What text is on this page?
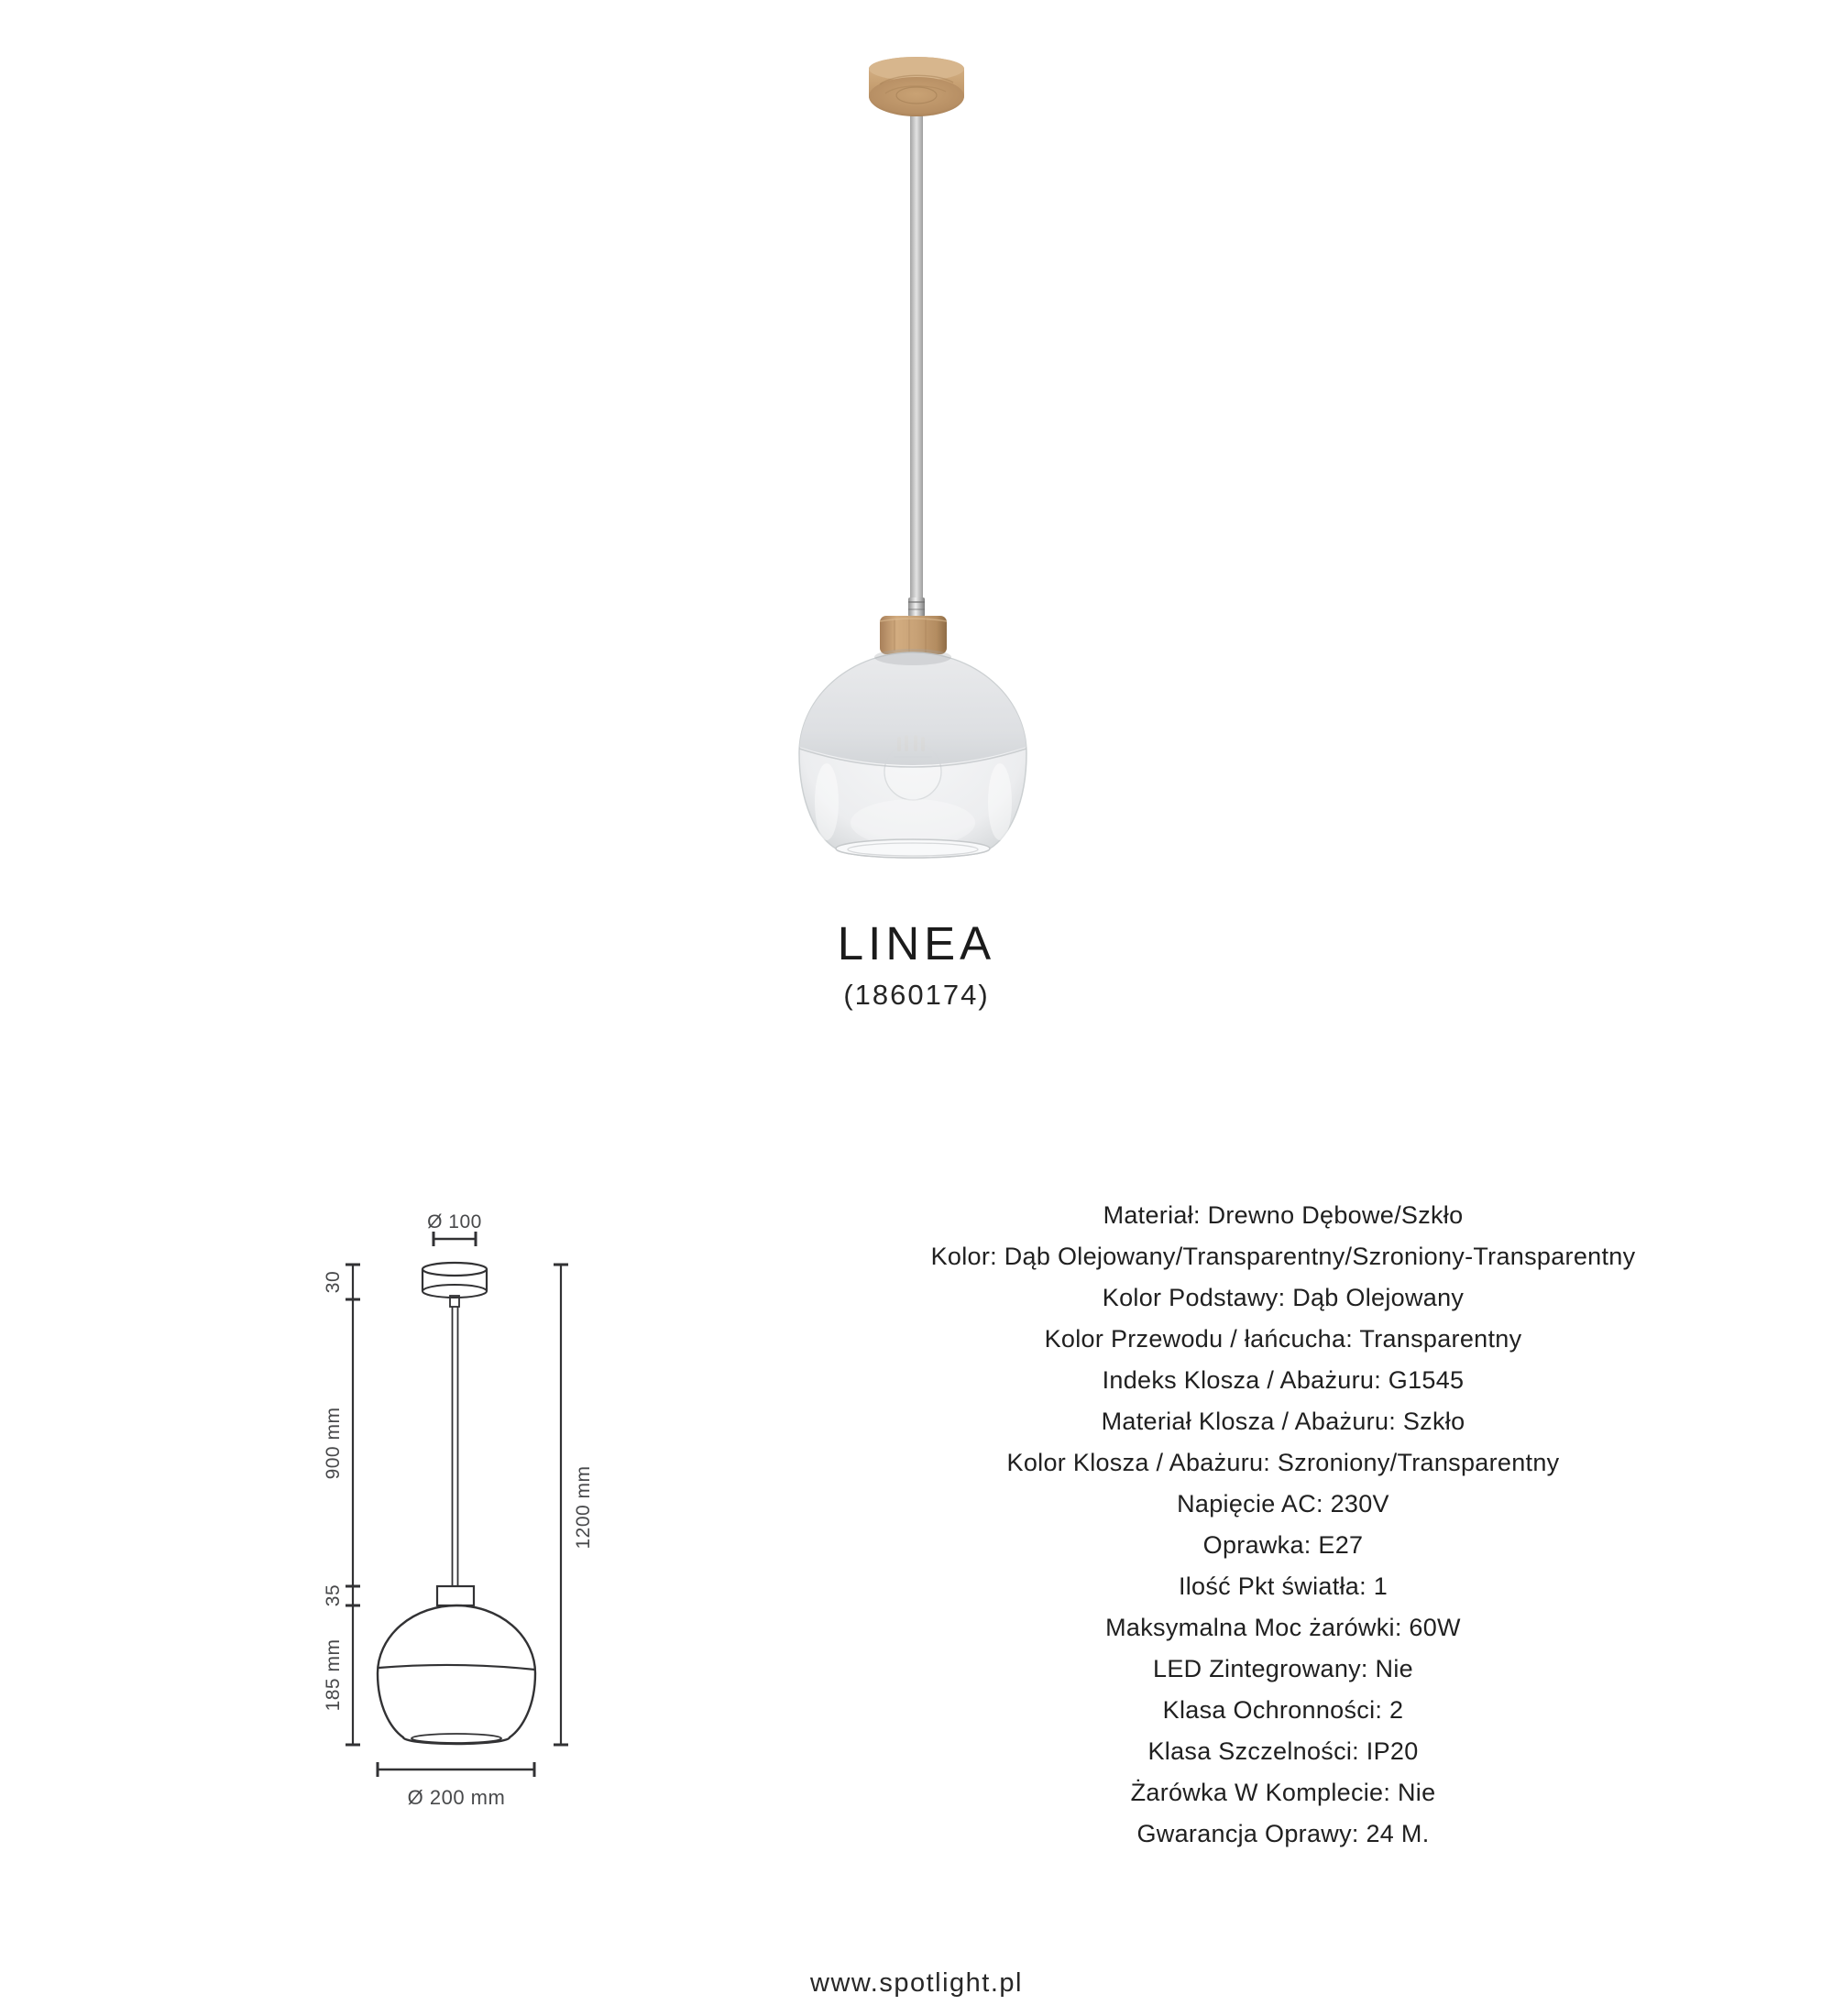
LINEA
(1860174)
Ø 100
30
900 mm
35
185 mm
1200 mm
Ø 200 mm
Materiał: Drewno Dębowe/Szkło
Kolor: Dąb Olejowany/Transparentny/Szroniony-Transparentny
Kolor Podstawy: Dąb Olejowany
Kolor Przewodu / łańcucha: Transparentny
Indeks Klosza / Abażuru: G1545
Materiał Klosza / Abażuru: Szkło
Kolor Klosza / Abażuru: Szroniony/Transparentny
Napięcie AC: 230V
Oprawka: E27
Ilość Pkt światła: 1
Maksymalna Moc żarówki: 60W
LED Zintegrowany: Nie
Klasa Ochronności: 2
Klasa Szczelności: IP20
Żarówka W Komplecie: Nie
Gwarancja Oprawy: 24 M.
www.spotlight.pl
